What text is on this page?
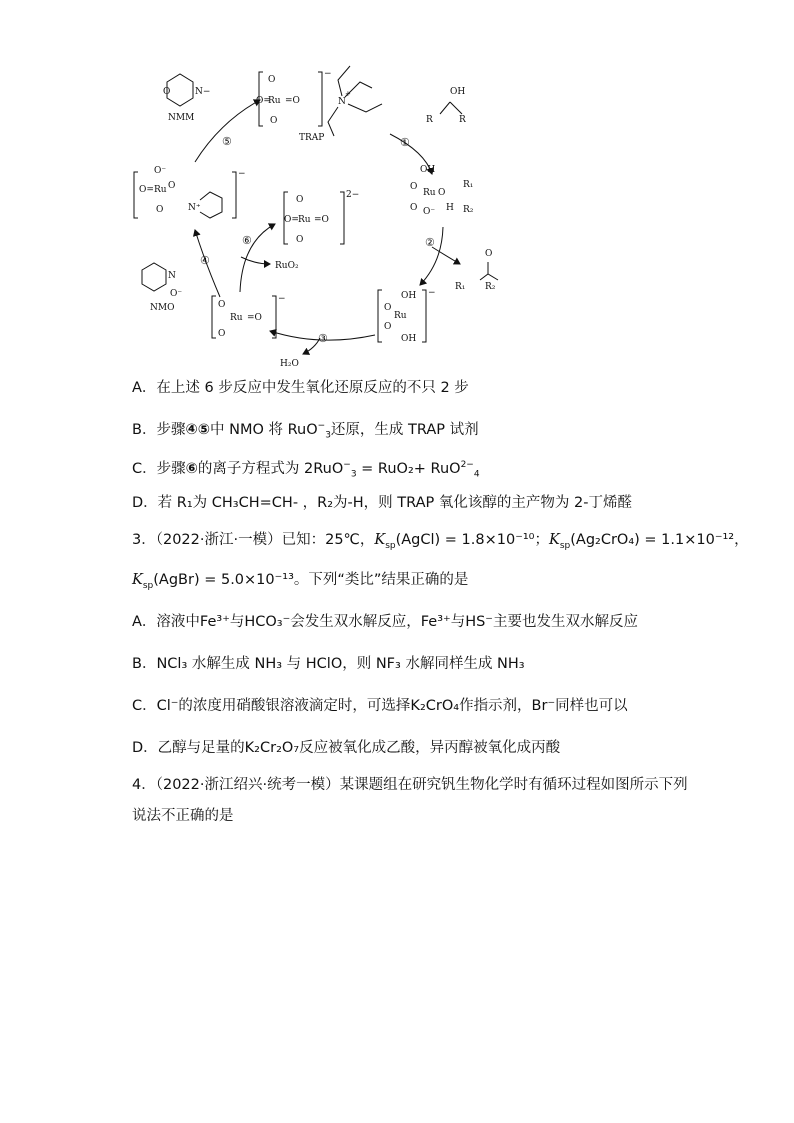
O
Ru
O= =O
O
−
TRAP
N
+
O	N−
NMM
⑤
OH
R	R
①
OH
O
Ru O
R₁
R₂
H
O O⁻
②
O
R₁ R₂
OH
O
Ru
O
OH
−
③
H₂O
O
Ru =O
O
−
N
O⁻
NMO
④
O
O= Ru =O
O
2−
⑥
RuO₂
O⁻
O= Ru O
O	N⁺
−
A．在上述 6 步反应中发生氧化还原反应的不只 2 步
B．步骤④⑤中 NMO 将 RuO−$_3$还原，生成 TRAP 试剂
C．步骤⑥的离子方程式为 2RuO−$_3$ = RuO₂+ RuO$^{2-}_4$
D．若 R₁为 CH₃CH=CH- ，R₂为-H，则 TRAP 氧化该醇的主产物为 2-丁烯醛
3．（2022·浙江·一模）已知：25℃，$K_{sp}(AgCl) = 1.8\times 10^{-10}$；$K_{sp}(Ag_2CrO_4) = 1.1\times 10^{-12}$，
$K_{sp}(AgBr) = 5.0\times 10^{-13}$。下列“类比”结果正确的是
A．溶液中Fe³⁺与HCO₃⁻会发生双水解反应，Fe³⁺与HS⁻主要也发生双水解反应
B．NCl₃ 水解生成 NH₃ 与 HClO，则 NF₃ 水解同样生成 NH₃
C．Cl⁻的浓度用硝酸银溶液滴定时，可选择K₂CrO₄作指示剂，Br⁻同样也可以
D．乙醇与足量的K₂Cr₂O₇反应被氧化成乙酸，异丙醇被氧化成丙酸
4．（2022·浙江绍兴·统考一模）某课题组在研究钒生物化学时有循环过程如图所示下列
说法不正确的是
